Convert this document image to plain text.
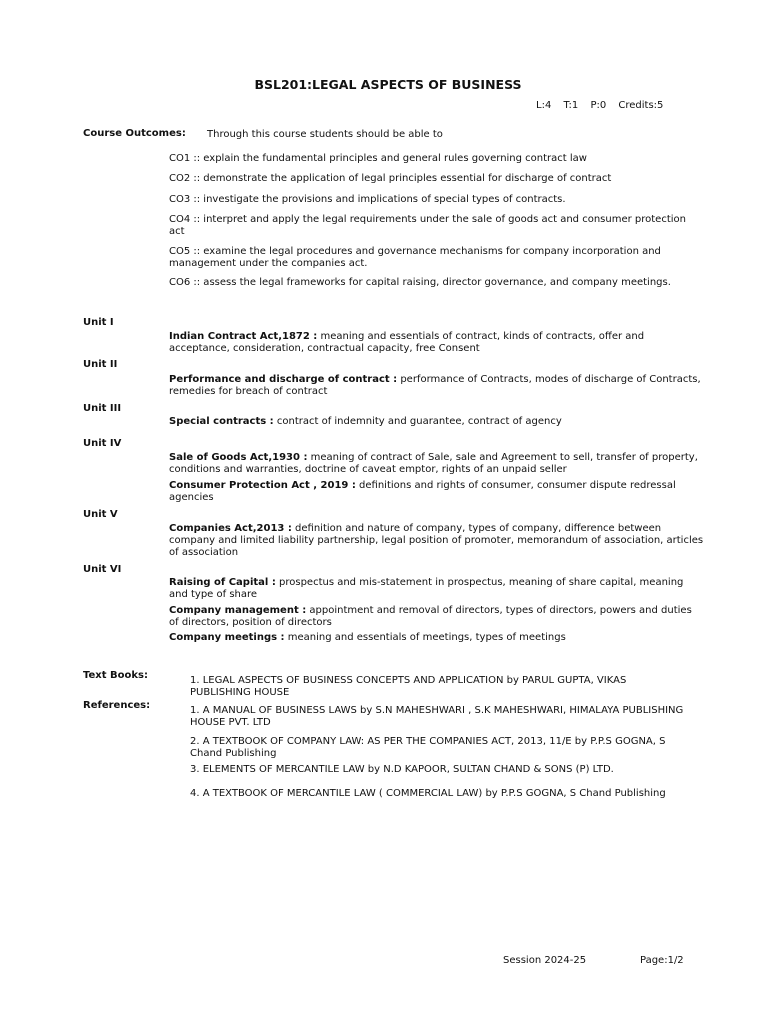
BSL201:LEGAL ASPECTS OF BUSINESS
L:4 T:1 P:0 Credits:5
Course Outcomes: Through this course students should be able to
CO1 :: explain the fundamental principles and general rules governing contract law
CO2 :: demonstrate the application of legal principles essential for discharge of contract
CO3 :: investigate the provisions and implications of special types of contracts.
CO4 :: interpret and apply the legal requirements under the sale of goods act and consumer protection act
CO5 :: examine the legal procedures and governance mechanisms for company incorporation and management under the companies act.
CO6 :: assess the legal frameworks for capital raising, director governance, and company meetings.
Unit I
Indian Contract Act,1872 : meaning and essentials of contract, kinds of contracts, offer and acceptance, consideration, contractual capacity, free Consent
Unit II
Performance and discharge of contract : performance of Contracts, modes of discharge of Contracts, remedies for breach of contract
Unit III
Special contracts : contract of indemnity and guarantee, contract of agency
Unit IV
Sale of Goods Act,1930 : meaning of contract of Sale, sale and Agreement to sell, transfer of property, conditions and warranties, doctrine of caveat emptor, rights of an unpaid seller
Consumer Protection Act , 2019 : definitions and rights of consumer, consumer dispute redressal agencies
Unit V
Companies Act,2013 : definition and nature of company, types of company, difference between company and limited liability partnership, legal position of promoter, memorandum of association, articles of association
Unit VI
Raising of Capital : prospectus and mis-statement in prospectus, meaning of share capital, meaning and type of share
Company management : appointment and removal of directors, types of directors, powers and duties of directors, position of directors
Company meetings : meaning and essentials of meetings, types of meetings
Text Books:	1. LEGAL ASPECTS OF BUSINESS CONCEPTS AND APPLICATION by PARUL GUPTA, VIKAS PUBLISHING HOUSE
References:	1. A MANUAL OF BUSINESS LAWS by S.N MAHESHWARI , S.K MAHESHWARI, HIMALAYA PUBLISHING HOUSE PVT. LTD
2. A TEXTBOOK OF COMPANY LAW: AS PER THE COMPANIES ACT, 2013, 11/E by P.P.S GOGNA, S Chand Publishing
3. ELEMENTS OF MERCANTILE LAW by N.D KAPOOR, SULTAN CHAND & SONS (P) LTD.
4. A TEXTBOOK OF MERCANTILE LAW ( COMMERCIAL LAW) by P.P.S GOGNA, S Chand Publishing
Session 2024-25	Page:1/2
